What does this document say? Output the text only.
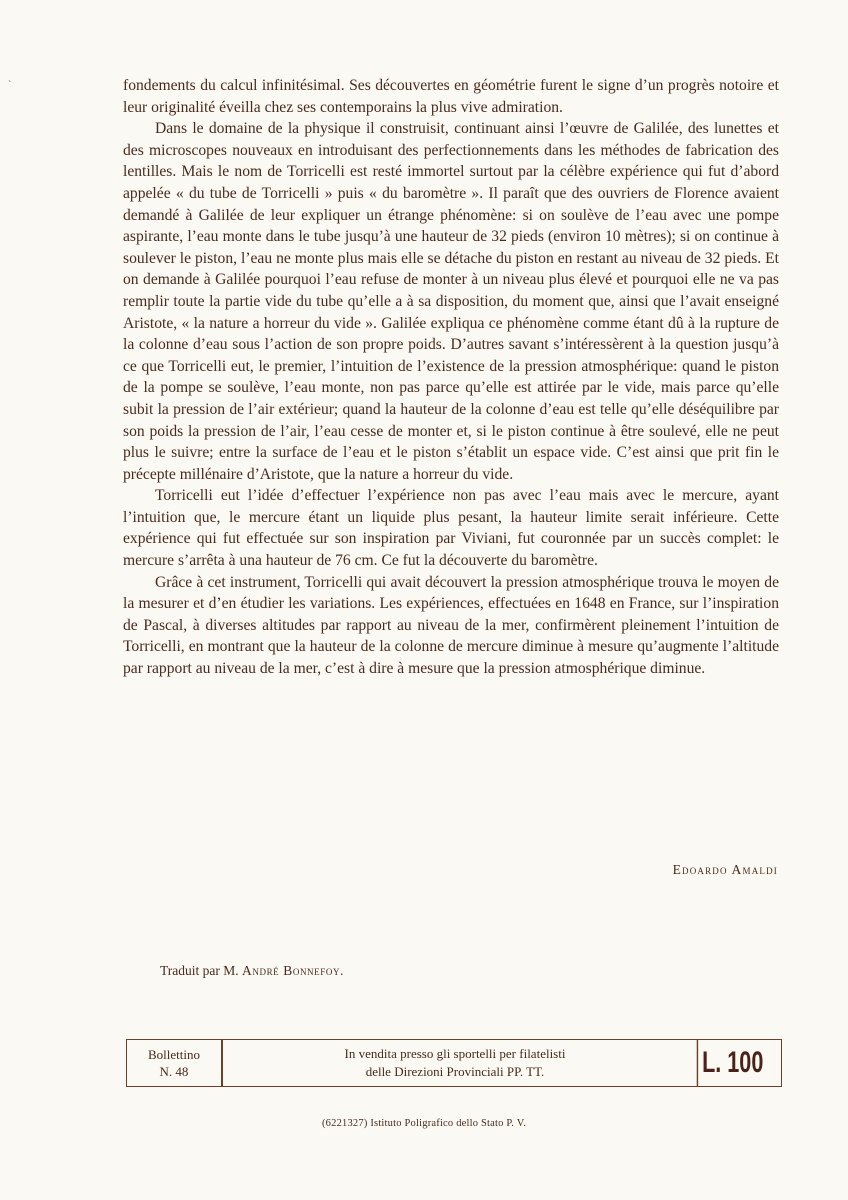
`	fondements du calcul infinitésimal. Ses découvertes en géométrie furent le signe d’un progrès notoire et leur originalité éveilla chez ses contemporains la plus vive admiration.

Dans le domaine de la physique il construisit, continuant ainsi l’œuvre de Galilée, des lunettes et des microscopes nouveaux en introduisant des perfectionnements dans les méthodes de fabrication des lentilles. Mais le nom de Torricelli est resté immortel surtout par la célèbre expérience qui fut d’abord appelée « du tube de Torricelli » puis « du baromètre ». Il paraît que des ouvriers de Florence avaient demandé à Galilée de leur expliquer un étrange phénomène: si on soulève de l’eau avec une pompe aspirante, l’eau monte dans le tube jusqu’à une hauteur de 32 pieds (environ 10 mètres); si on continue à soulever le piston, l’eau ne monte plus mais elle se détache du piston en restant au niveau de 32 pieds. Et on demande à Galilée pourquoi l’eau refuse de monter à un niveau plus élevé et pourquoi elle ne va pas remplir toute la partie vide du tube qu’elle a à sa disposition, du moment que, ainsi que l’avait enseigné Aristote, « la nature a horreur du vide ». Galilée expliqua ce phénomène comme étant dû à la rupture de la colonne d’eau sous l’action de son propre poids. D’autres savant s’intéressèrent à la question jusqu’à ce que Torricelli eut, le premier, l’intuition de l’existence de la pression atmosphérique: quand le piston de la pompe se soulève, l’eau monte, non pas parce qu’elle est attirée par le vide, mais parce qu’elle subit la pression de l’air extérieur; quand la hauteur de la colonne d’eau est telle qu’elle déséquilibre par son poids la pression de l’air, l’eau cesse de monter et, si le piston continue à être soulevé, elle ne peut plus le suivre; entre la surface de l’eau et le piston s’établit un espace vide. C’est ainsi que prit fin le précepte millénaire d’Aristote, que la nature a horreur du vide.

Torricelli eut l’idée d’effectuer l’expérience non pas avec l’eau mais avec le mercure, ayant l’intuition que, le mercure étant un liquide plus pesant, la hauteur limite serait inférieure. Cette expérience qui fut effectuée sur son inspiration par Viviani, fut couronnée par un succès complet: le mercure s’arrêta à una hauteur de 76 cm. Ce fut la découverte du baromètre.

Grâce à cet instrument, Torricelli qui avait découvert la pression atmosphérique trouva le moyen de la mesurer et d’en étudier les variations. Les expériences, effectuées en 1648 en France, sur l’inspiration de Pascal, à diverses altitudes par rapport au niveau de la mer, confirmèrent pleinement l’intuition de Torricelli, en montrant que la hauteur de la colonne de mercure diminue à mesure qu’augmente l’altitude par rapport au niveau de la mer, c’est à dire à mesure que la pression atmosphérique diminue.

Edoardo Amaldi
Traduit par M. André Bonnefoy.
Bollettino
N. 48
In vendita presso gli sportelli per filatelisti
delle Direzioni Provinciali PP. TT.	L. 100
(6221327) Istituto Poligrafico dello Stato P. V.
